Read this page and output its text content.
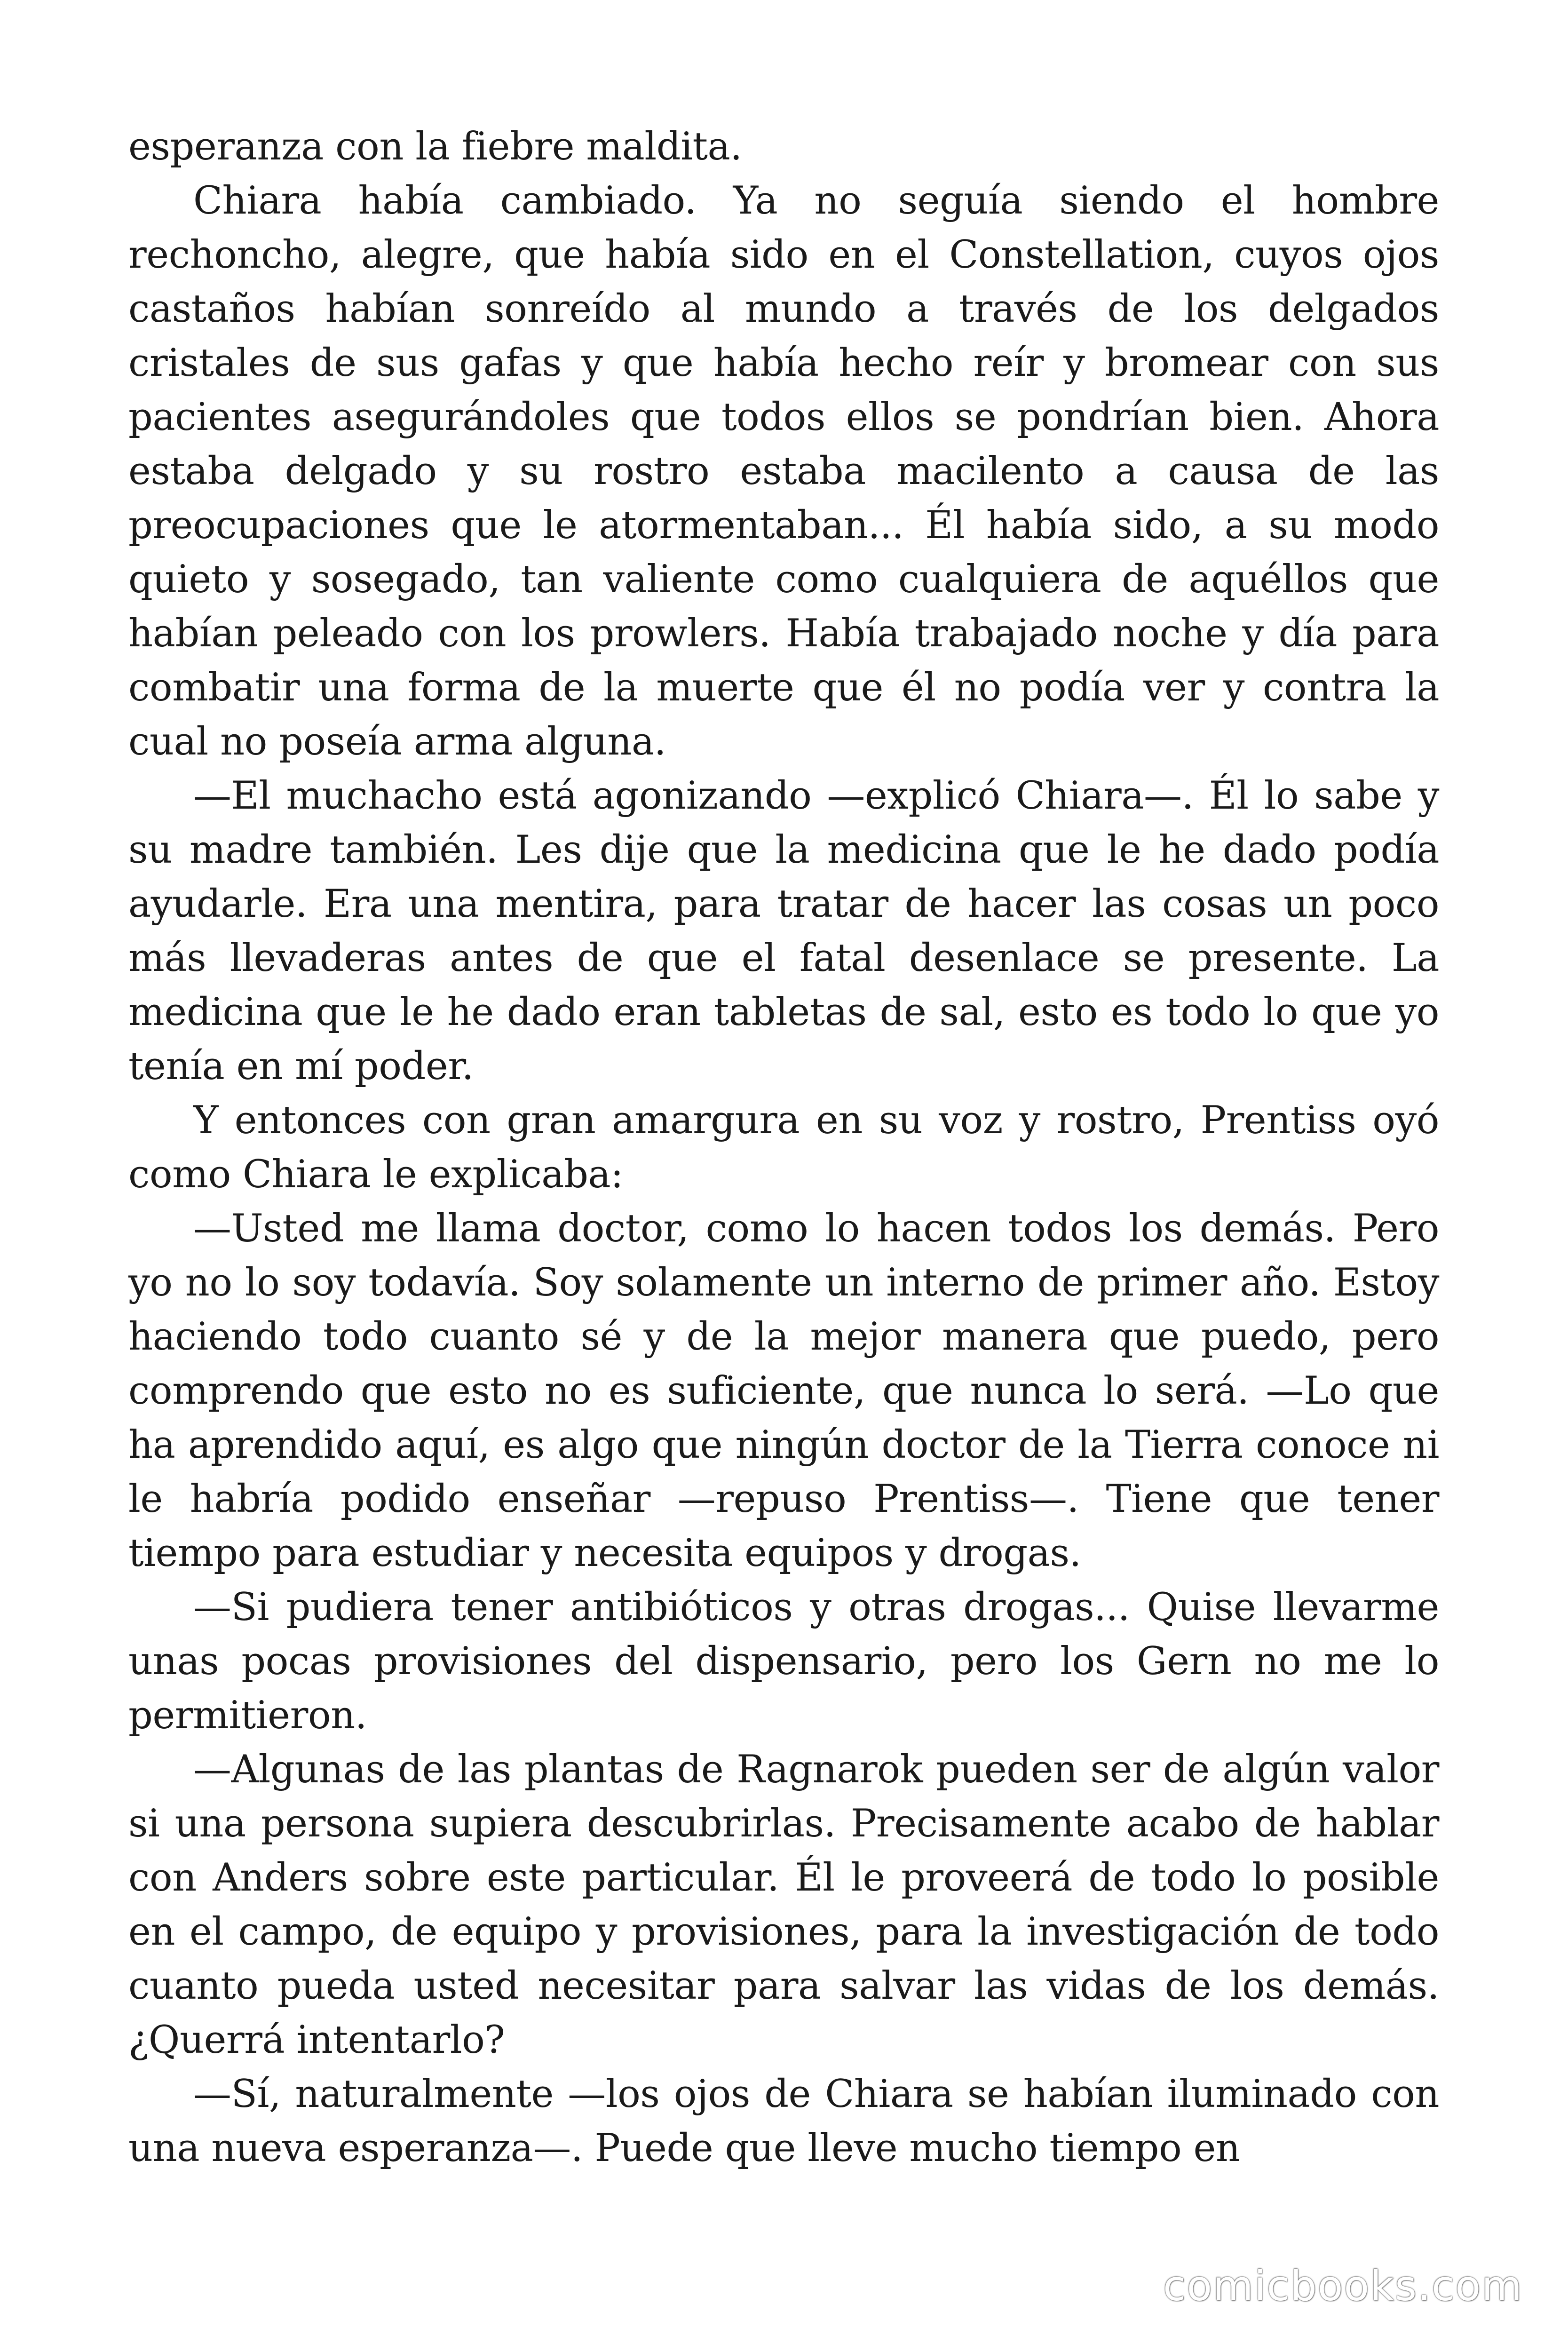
esperanza con la fiebre maldita.

Chiara había cambiado. Ya no seguía siendo el hombre rechoncho, alegre, que había sido en el Constellation, cuyos ojos castaños habían sonreído al mundo a través de los delgados cristales de sus gafas y que había hecho reír y bromear con sus pacientes asegurándoles que todos ellos se pondrían bien. Ahora estaba delgado y su rostro estaba macilento a causa de las preocupaciones que le atormentaban... Él había sido, a su modo quieto y sosegado, tan valiente como cualquiera de aquéllos que habían peleado con los prowlers. Había trabajado noche y día para combatir una forma de la muerte que él no podía ver y contra la cual no poseía arma alguna.

—El muchacho está agonizando —explicó Chiara—. Él lo sabe y su madre también. Les dije que la medicina que le he dado podía ayudarle. Era una mentira, para tratar de hacer las cosas un poco más llevaderas antes de que el fatal desenlace se presente. La medicina que le he dado eran tabletas de sal, esto es todo lo que yo tenía en mí poder.

Y entonces con gran amargura en su voz y rostro, Prentiss oyó como Chiara le explicaba:

—Usted me llama doctor, como lo hacen todos los demás. Pero yo no lo soy todavía. Soy solamente un interno de primer año. Estoy haciendo todo cuanto sé y de la mejor manera que puedo, pero comprendo que esto no es suficiente, que nunca lo será. —Lo que ha aprendido aquí, es algo que ningún doctor de la Tierra conoce ni le habría podido enseñar —repuso Prentiss—. Tiene que tener tiempo para estudiar y necesita equipos y drogas.

—Si pudiera tener antibióticos y otras drogas... Quise llevarme unas pocas provisiones del dispensario, pero los Gern no me lo permitieron.

—Algunas de las plantas de Ragnarok pueden ser de algún valor si una persona supiera descubrirlas. Precisamente acabo de hablar con Anders sobre este particular. Él le proveerá de todo lo posible en el campo, de equipo y provisiones, para la investigación de todo cuanto pueda usted necesitar para salvar las vidas de los demás. ¿Querrá intentarlo?

—Sí, naturalmente —los ojos de Chiara se habían iluminado con una nueva esperanza—. Puede que lleve mucho tiempo en

comicbooks.com
